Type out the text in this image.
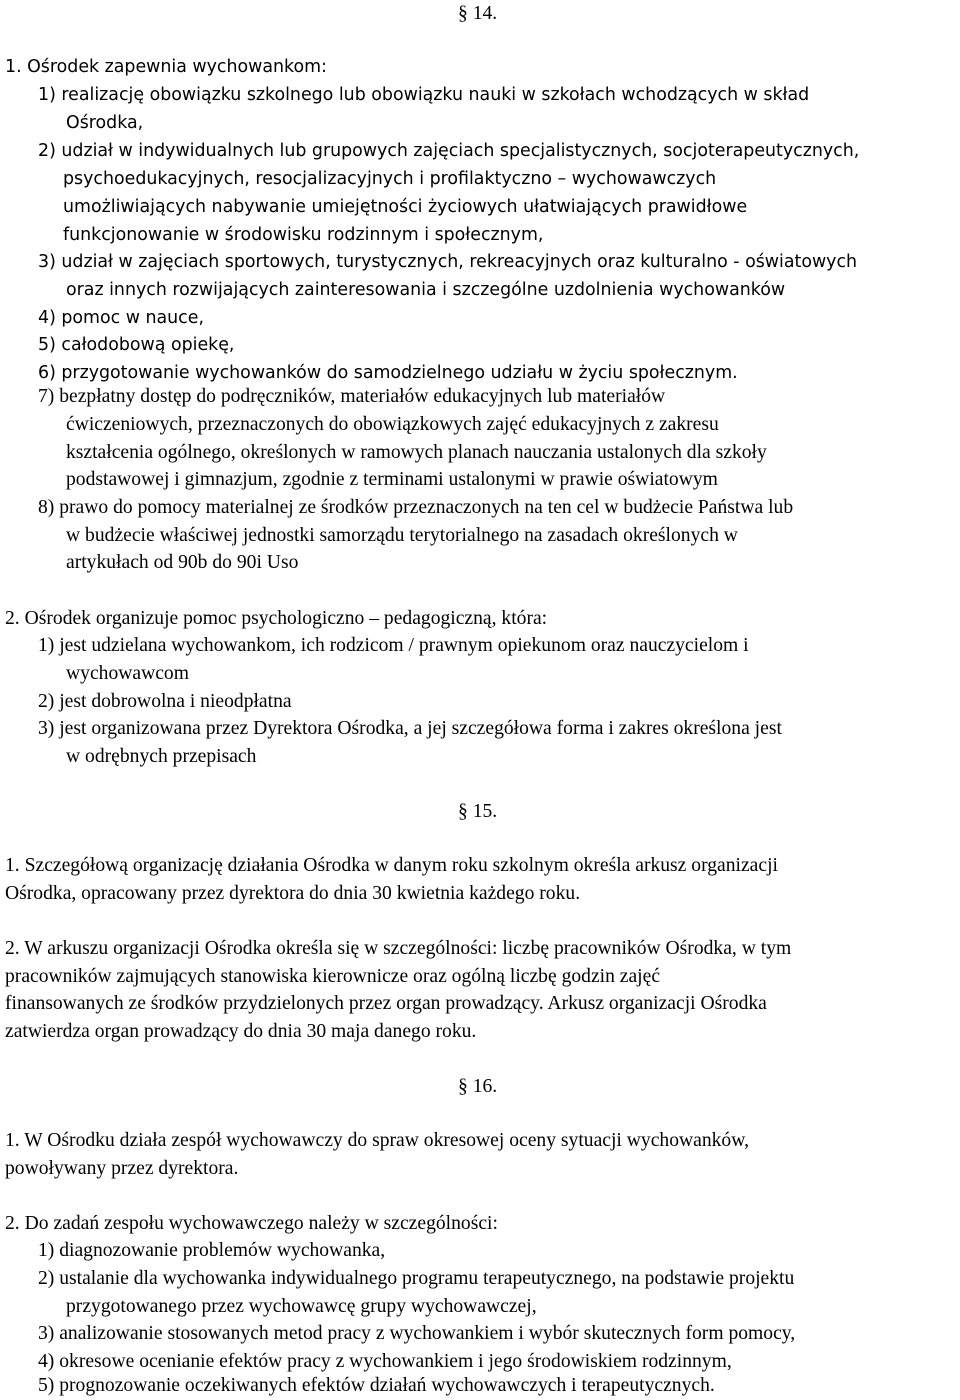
§ 14.
1. Ośrodek zapewnia wychowankom:
1) realizację obowiązku szkolnego lub obowiązku nauki w szkołach wchodzących w skład
Ośrodka,
2) udział w indywidualnych lub grupowych zajęciach specjalistycznych, socjoterapeutycznych,
psychoedukacyjnych, resocjalizacyjnych i profilaktyczno – wychowawczych
umożliwiających nabywanie umiejętności życiowych ułatwiających prawidłowe
funkcjonowanie w środowisku rodzinnym i społecznym,
3) udział w zajęciach sportowych, turystycznych, rekreacyjnych oraz kulturalno - oświatowych
oraz innych rozwijających zainteresowania i szczególne uzdolnienia wychowanków
4) pomoc w nauce,
5) całodobową opiekę,
6) przygotowanie wychowanków do samodzielnego udziału w życiu społecznym.
7) bezpłatny dostęp do podręczników, materiałów edukacyjnych lub materiałów
ćwiczeniowych, przeznaczonych do obowiązkowych zajęć edukacyjnych z zakresu
kształcenia ogólnego, określonych w ramowych planach nauczania ustalonych dla szkoły
podstawowej i gimnazjum, zgodnie z terminami ustalonymi w prawie oświatowym
8) prawo do pomocy materialnej ze środków przeznaczonych na ten cel w budżecie Państwa lub
w budżecie właściwej jednostki samorządu terytorialnego na zasadach określonych w
artykułach od 90b do 90i Uso
2. Ośrodek organizuje pomoc psychologiczno – pedagogiczną, która:
1) jest udzielana wychowankom, ich rodzicom / prawnym opiekunom oraz nauczycielom i
wychowawcom
2) jest dobrowolna i nieodpłatna
3) jest organizowana przez Dyrektora Ośrodka, a jej szczegółowa forma i zakres określona jest
w odrębnych przepisach
§ 15.
1. Szczegółową organizację działania Ośrodka w danym roku szkolnym określa arkusz organizacji
Ośrodka, opracowany przez dyrektora do dnia 30 kwietnia każdego roku.
2. W arkuszu organizacji Ośrodka określa się w szczególności: liczbę pracowników Ośrodka, w tym
pracowników zajmujących stanowiska kierownicze oraz ogólną liczbę godzin zajęć
finansowanych ze środków przydzielonych przez organ prowadzący. Arkusz organizacji Ośrodka
zatwierdza organ prowadzący do dnia 30 maja danego roku.
§ 16.
1. W Ośrodku działa zespół wychowawczy do spraw okresowej oceny sytuacji wychowanków,
powoływany przez dyrektora.
2. Do zadań zespołu wychowawczego należy w szczególności:
1) diagnozowanie problemów wychowanka,
2) ustalanie dla wychowanka indywidualnego programu terapeutycznego, na podstawie projektu
przygotowanego przez wychowawcę grupy wychowawczej,
3) analizowanie stosowanych metod pracy z wychowankiem i wybór skutecznych form pomocy,
4) okresowe ocenianie efektów pracy z wychowankiem i jego środowiskiem rodzinnym,
5) prognozowanie oczekiwanych efektów działań wychowawczych i terapeutycznych.
